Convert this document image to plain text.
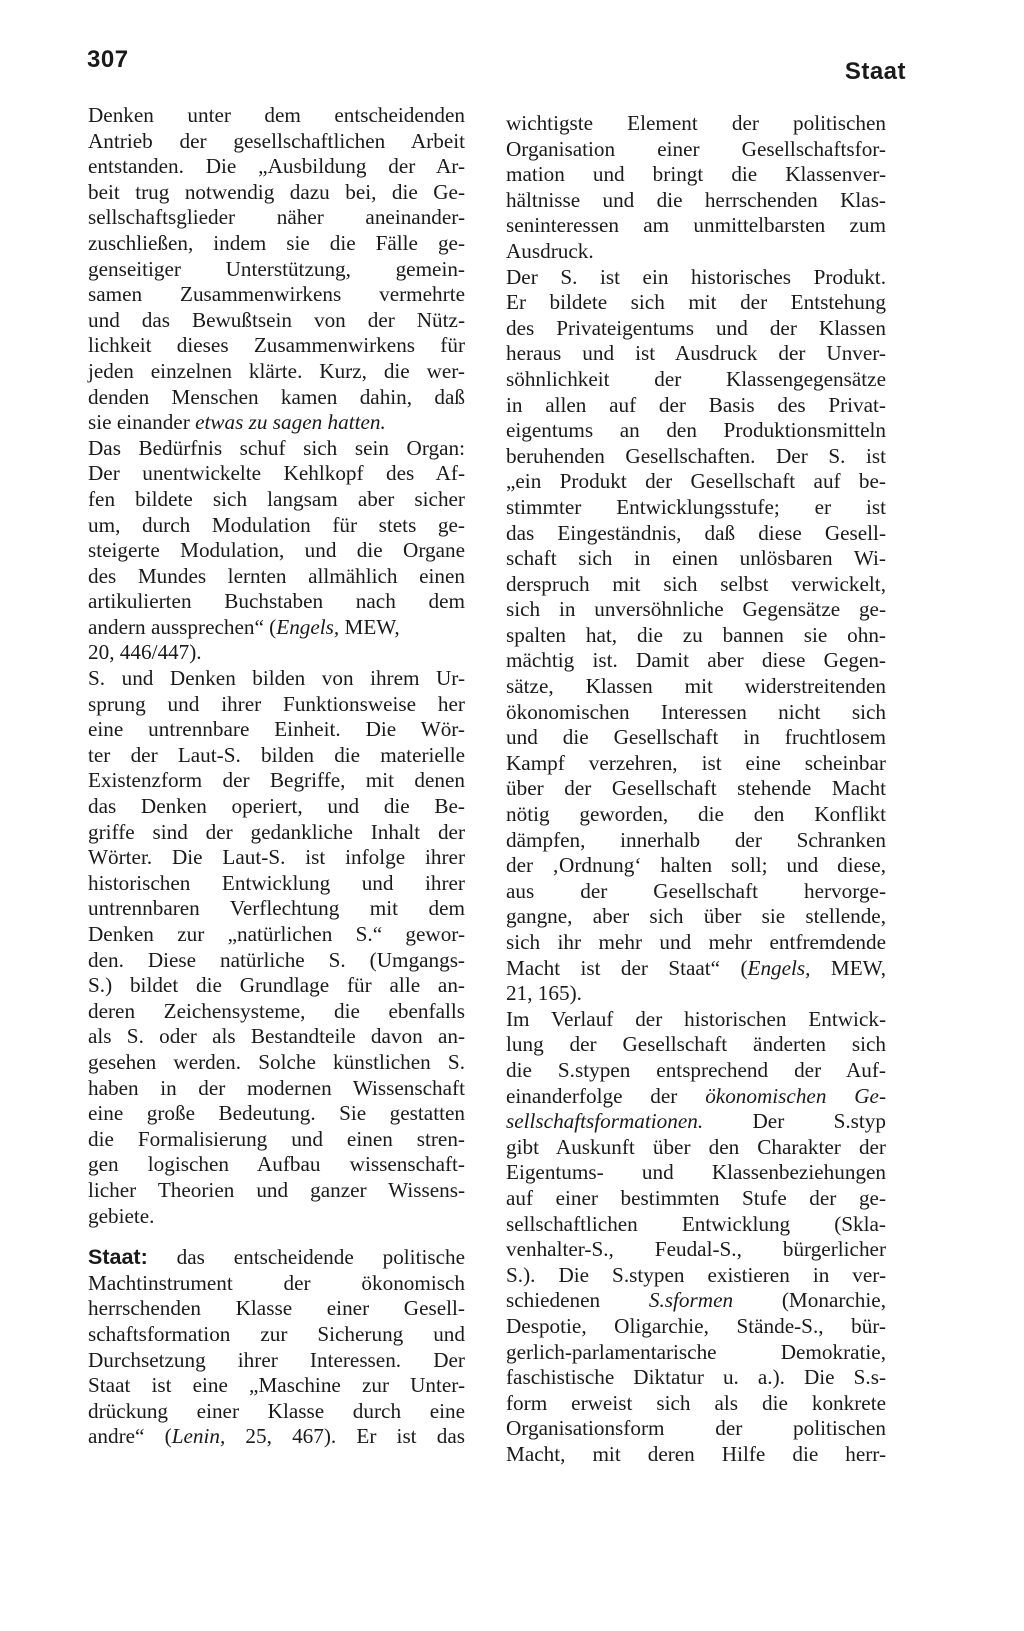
307	Staat
Denken unter dem entscheidenden
Antrieb der gesellschaftlichen Arbeit
entstanden. Die „Ausbildung der Ar-
beit trug notwendig dazu bei, die Ge-
sellschaftsglieder näher aneinander-
zuschließen, indem sie die Fälle ge-
genseitiger Unterstützung, gemein-
samen Zusammenwirkens vermehrte
und das Bewußtsein von der Nütz-
lichkeit dieses Zusammenwirkens für
jeden einzelnen klärte. Kurz, die wer-
denden Menschen kamen dahin, daß
sie einander etwas zu sagen hatten.
Das Bedürfnis schuf sich sein Organ:
Der unentwickelte Kehlkopf des Af-
fen bildete sich langsam aber sicher
um, durch Modulation für stets ge-
steigerte Modulation, und die Organe
des Mundes lernten allmählich einen
artikulierten Buchstaben nach dem
andern aussprechen“ (Engels, MEW,
20, 446/447).
S. und Denken bilden von ihrem Ur-
sprung und ihrer Funktionsweise her
eine untrennbare Einheit. Die Wör-
ter der Laut-S. bilden die materielle
Existenzform der Begriffe, mit denen
das Denken operiert, und die Be-
griffe sind der gedankliche Inhalt der
Wörter. Die Laut-S. ist infolge ihrer
historischen Entwicklung und ihrer
untrennbaren Verflechtung mit dem
Denken zur „natürlichen S.“ gewor-
den. Diese natürliche S. (Umgangs-
S.) bildet die Grundlage für alle an-
deren Zeichensysteme, die ebenfalls
als S. oder als Bestandteile davon an-
gesehen werden. Solche künstlichen S.
haben in der modernen Wissenschaft
eine große Bedeutung. Sie gestatten
die Formalisierung und einen stren-
gen logischen Aufbau wissenschaft-
licher Theorien und ganzer Wissens-
gebiete.
Staat: das entscheidende politische
Machtinstrument der ökonomisch
herrschenden Klasse einer Gesell-
schaftsformation zur Sicherung und
Durchsetzung ihrer Interessen. Der
Staat ist eine „Maschine zur Unter-
drückung einer Klasse durch eine
andre“ (Lenin, 25, 467). Er ist das
wichtigste Element der politischen
Organisation einer Gesellschaftsfor-
mation und bringt die Klassenver-
hältnisse und die herrschenden Klas-
seninteressen am unmittelbarsten zum
Ausdruck.
Der S. ist ein historisches Produkt.
Er bildete sich mit der Entstehung
des Privateigentums und der Klassen
heraus und ist Ausdruck der Unver-
söhnlichkeit der Klassengegensätze
in allen auf der Basis des Privat-
eigentums an den Produktionsmitteln
beruhenden Gesellschaften. Der S. ist
„ein Produkt der Gesellschaft auf be-
stimmter Entwicklungsstufe; er ist
das Eingeständnis, daß diese Gesell-
schaft sich in einen unlösbaren Wi-
derspruch mit sich selbst verwickelt,
sich in unversöhnliche Gegensätze ge-
spalten hat, die zu bannen sie ohn-
mächtig ist. Damit aber diese Gegen-
sätze, Klassen mit widerstreitenden
ökonomischen Interessen nicht sich
und die Gesellschaft in fruchtlosem
Kampf verzehren, ist eine scheinbar
über der Gesellschaft stehende Macht
nötig geworden, die den Konflikt
dämpfen, innerhalb der Schranken
der ‚Ordnung‘ halten soll; und diese,
aus der Gesellschaft hervorge-
gangne, aber sich über sie stellende,
sich ihr mehr und mehr entfremdende
Macht ist der Staat“ (Engels, MEW,
21, 165).
Im Verlauf der historischen Entwick-
lung der Gesellschaft änderten sich
die S.stypen entsprechend der Auf-
einanderfolge der ökonomischen Ge-
sellschaftsformationen. Der S.styp
gibt Auskunft über den Charakter der
Eigentums- und Klassenbeziehungen
auf einer bestimmten Stufe der ge-
sellschaftlichen Entwicklung (Skla-
venhalter-S., Feudal-S., bürgerlicher
S.). Die S.stypen existieren in ver-
schiedenen S.sformen (Monarchie,
Despotie, Oligarchie, Stände-S., bür-
gerlich-parlamentarische Demokratie,
faschistische Diktatur u. a.). Die S.s-
form erweist sich als die konkrete
Organisationsform der politischen
Macht, mit deren Hilfe die herr-
